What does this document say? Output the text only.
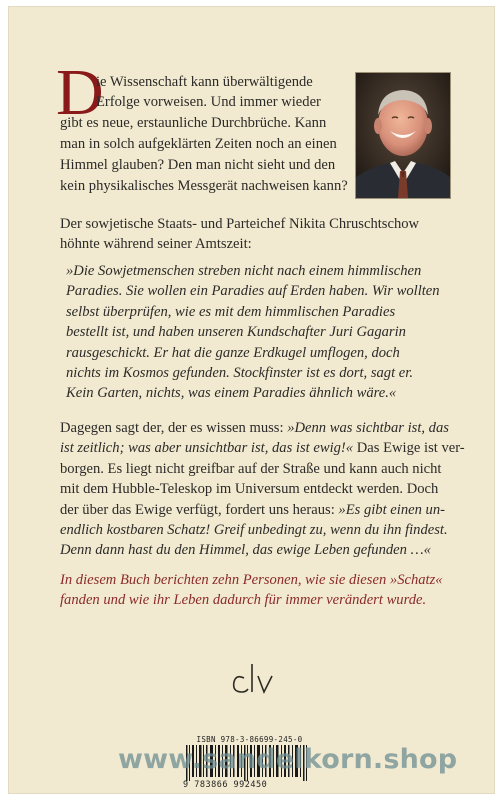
D
ie Wissenschaft kann überwältigende
Erfolge vorweisen. Und immer wieder
gibt es neue, erstaunliche Durchbrüche. Kann
man in solch aufgeklärten Zeiten noch an einen
Himmel glauben? Den man nicht sieht und den
kein physikalisches Messgerät nachweisen kann?
Der sowjetische Staats- und Parteichef Nikita Chruschtschow
höhnte während seiner Amtszeit:
»Die Sowjetmenschen streben nicht nach einem himmlischen
Paradies. Sie wollen ein Paradies auf Erden haben. Wir wollten
selbst überprüfen, wie es mit dem himmlischen Paradies
bestellt ist, und haben unseren Kundschafter Juri Gagarin
rausgeschickt. Er hat die ganze Erdkugel umflogen, doch
nichts im Kosmos gefunden. Stockfinster ist es dort, sagt er.
Kein Garten, nichts, was einem Paradies ähnlich wäre.«
Dagegen sagt der, der es wissen muss: »Denn was sichtbar ist, das
ist zeitlich; was aber unsichtbar ist, das ist ewig!« Das Ewige ist ver-
borgen. Es liegt nicht greifbar auf der Straße und kann auch nicht
mit dem Hubble-Teleskop im Universum entdeckt werden. Doch
der über das Ewige verfügt, fordert uns heraus: »Es gibt einen un-
endlich kostbaren Schatz! Greif unbedingt zu, wenn du ihn findest.
Denn dann hast du den Himmel, das ewige Leben gefunden …«
In diesem Buch berichten zehn Personen, wie sie diesen »Schatz«
fanden und wie ihr Leben dadurch für immer verändert wurde.
ISBN 978-3-86699-245-0
9 783866 992450
www.sandelkorn.shop
